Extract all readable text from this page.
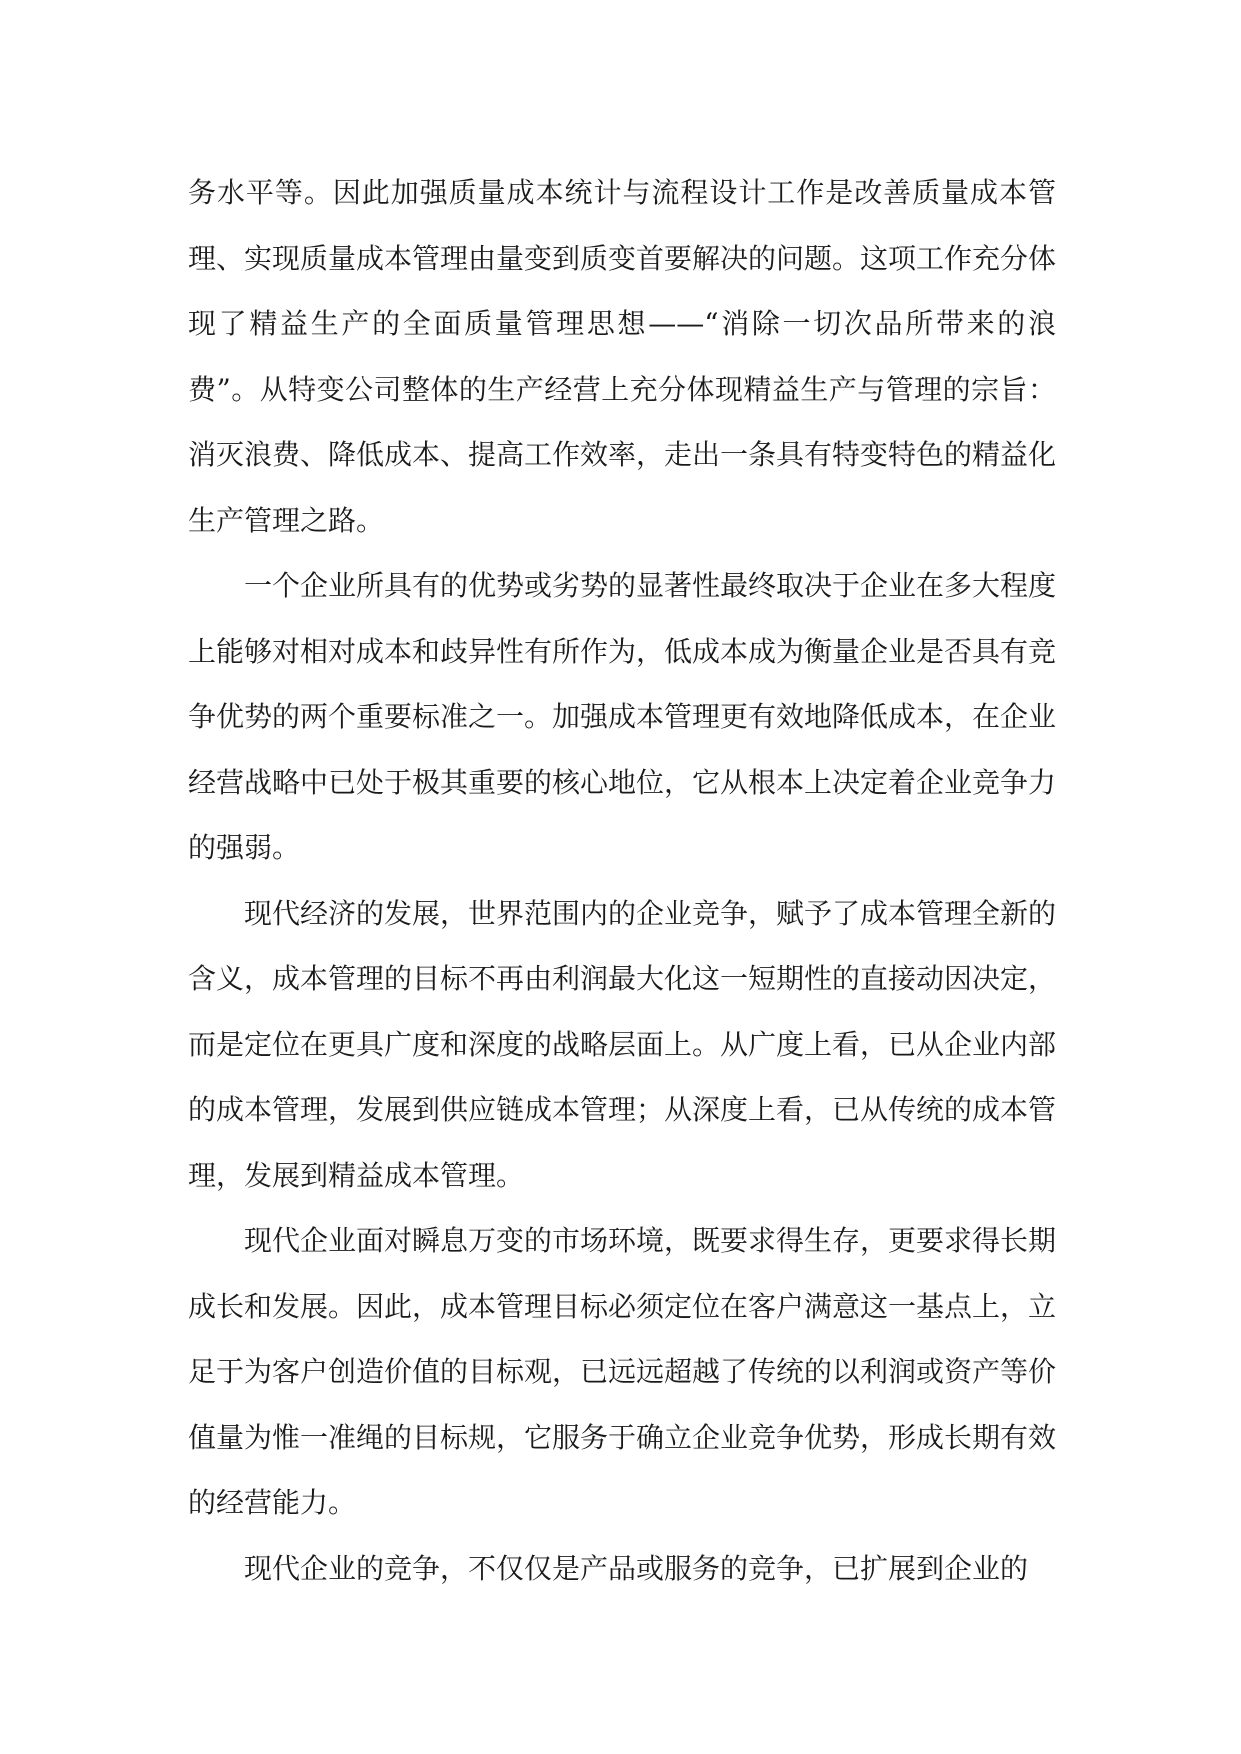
务水平等。因此加强质量成本统计与流程设计工作是改善质量成本管理、实现质量成本管理由量变到质变首要解决的问题。这项工作充分体现了精益生产的全面质量管理思想——“消除一切次品所带来的浪费”。从特变公司整体的生产经营上充分体现精益生产与管理的宗旨：消灭浪费、降低成本、提高工作效率，走出一条具有特变特色的精益化生产管理之路。

一个企业所具有的优势或劣势的显著性最终取决于企业在多大程度上能够对相对成本和歧异性有所作为，低成本成为衡量企业是否具有竞争优势的两个重要标准之一。加强成本管理更有效地降低成本，在企业经营战略中已处于极其重要的核心地位，它从根本上决定着企业竞争力的强弱。

现代经济的发展，世界范围内的企业竞争，赋予了成本管理全新的含义，成本管理的目标不再由利润最大化这一短期性的直接动因决定，而是定位在更具广度和深度的战略层面上。从广度上看，已从企业内部的成本管理，发展到供应链成本管理；从深度上看，已从传统的成本管理，发展到精益成本管理。

现代企业面对瞬息万变的市场环境，既要求得生存，更要求得长期成长和发展。因此，成本管理目标必须定位在客户满意这一基点上，立足于为客户创造价值的目标观，已远远超越了传统的以利润或资产等价值量为惟一准绳的目标规，它服务于确立企业竞争优势，形成长期有效的经营能力。

现代企业的竞争，不仅仅是产品或服务的竞争，已扩展到企业的
